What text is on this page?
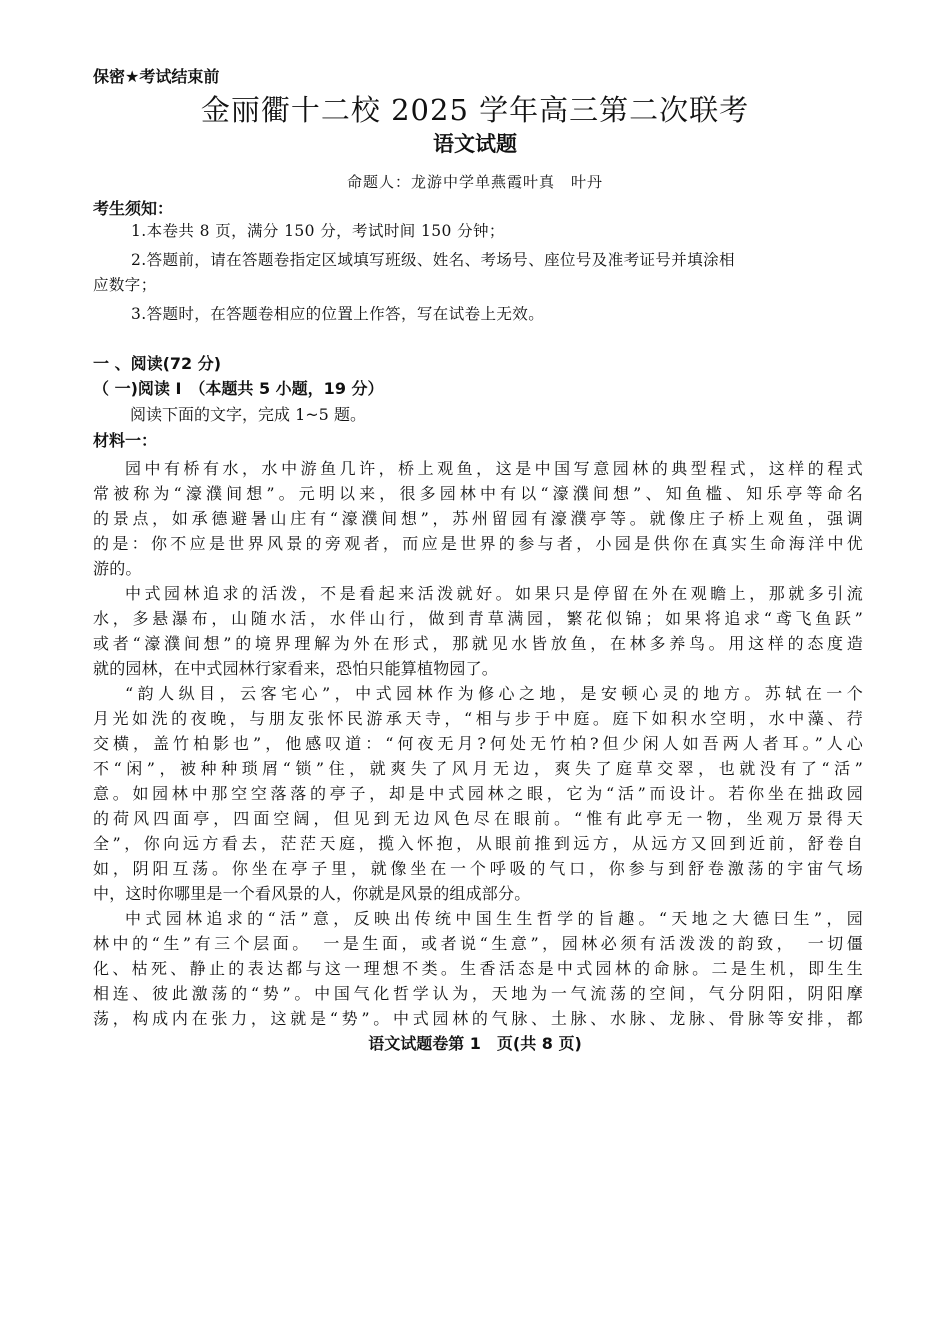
保密★考试结束前
金丽衢十二校 2025 学年高三第二次联考
语文试题
命题人：龙游中学单燕霞叶真　叶丹
考生须知：
1.本卷共 8 页，满分 150 分，考试时间 150 分钟；
2.答题前，请在答题卷指定区域填写班级、姓名、考场号、座位号及准考证号并填涂相
应数字；
3.答题时，在答题卷相应的位置上作答，写在试卷上无效。
一 、阅读(72 分)
（ 一)阅读 I　（本题共 5 小题，19 分）
阅读下面的文字，完成 1~5 题。
材料一：
园中有桥有水，水中游鱼几许，桥上观鱼，这是中国写意园林的典型程式，这样的程式
常被称为“濠濮间想”。元明以来，很多园林中有以“濠濮间想”、知鱼槛、知乐亭等命名
的景点，如承德避暑山庄有“濠濮间想”，苏州留园有濠濮亭等。就像庄子桥上观鱼，强调
的是：你不应是世界风景的旁观者，而应是世界的参与者，小园是供你在真实生命海洋中优
游的。
中式园林追求的活泼，不是看起来活泼就好。如果只是停留在外在观瞻上，那就多引流
水，多悬瀑布，山随水活，水伴山行，做到青草满园，繁花似锦；如果将追求“鸢飞鱼跃”
或者“濠濮间想”的境界理解为外在形式，那就见水皆放鱼，在林多养鸟。用这样的态度造
就的园林，在中式园林行家看来，恐怕只能算植物园了。
“韵人纵目，云客宅心”，中式园林作为修心之地，是安顿心灵的地方。苏轼在一个
月光如洗的夜晚，与朋友张怀民游承天寺，“相与步于中庭。庭下如积水空明，水中藻、荇
交横，盖竹柏影也”，他感叹道：“何夜无月?何处无竹柏?但少闲人如吾两人者耳。”人心
不“闲”，被种种琐屑“锁”住，就爽失了风月无边，爽失了庭草交翠，也就没有了“活”
意。如园林中那空空落落的亭子，却是中式园林之眼，它为“活”而设计。若你坐在拙政园
的荷风四面亭，四面空阔，但见到无边风色尽在眼前。“惟有此亭无一物，坐观万景得天
全”，你向远方看去，茫茫天庭，揽入怀抱，从眼前推到远方，从远方又回到近前，舒卷自
如，阴阳互荡。你坐在亭子里，就像坐在一个呼吸的气口，你参与到舒卷激荡的宇宙气场
中，这时你哪里是一个看风景的人，你就是风景的组成部分。
中式园林追求的“活”意，反映出传统中国生生哲学的旨趣。“天地之大德曰生”，园
林中的“生”有三个层面。　一是生面，或者说“生意”，园林必须有活泼泼的韵致，　一切僵
化、枯死、静止的表达都与这一理想不类。生香活态是中式园林的命脉。二是生机，即生生
相连、彼此激荡的“势”。中国气化哲学认为，天地为一气流荡的空间，气分阴阳，阴阳摩
荡，构成内在张力，这就是“势”。中式园林的气脉、土脉、水脉、龙脉、骨脉等安排，都
语文试题卷第 1　页(共 8 页)
